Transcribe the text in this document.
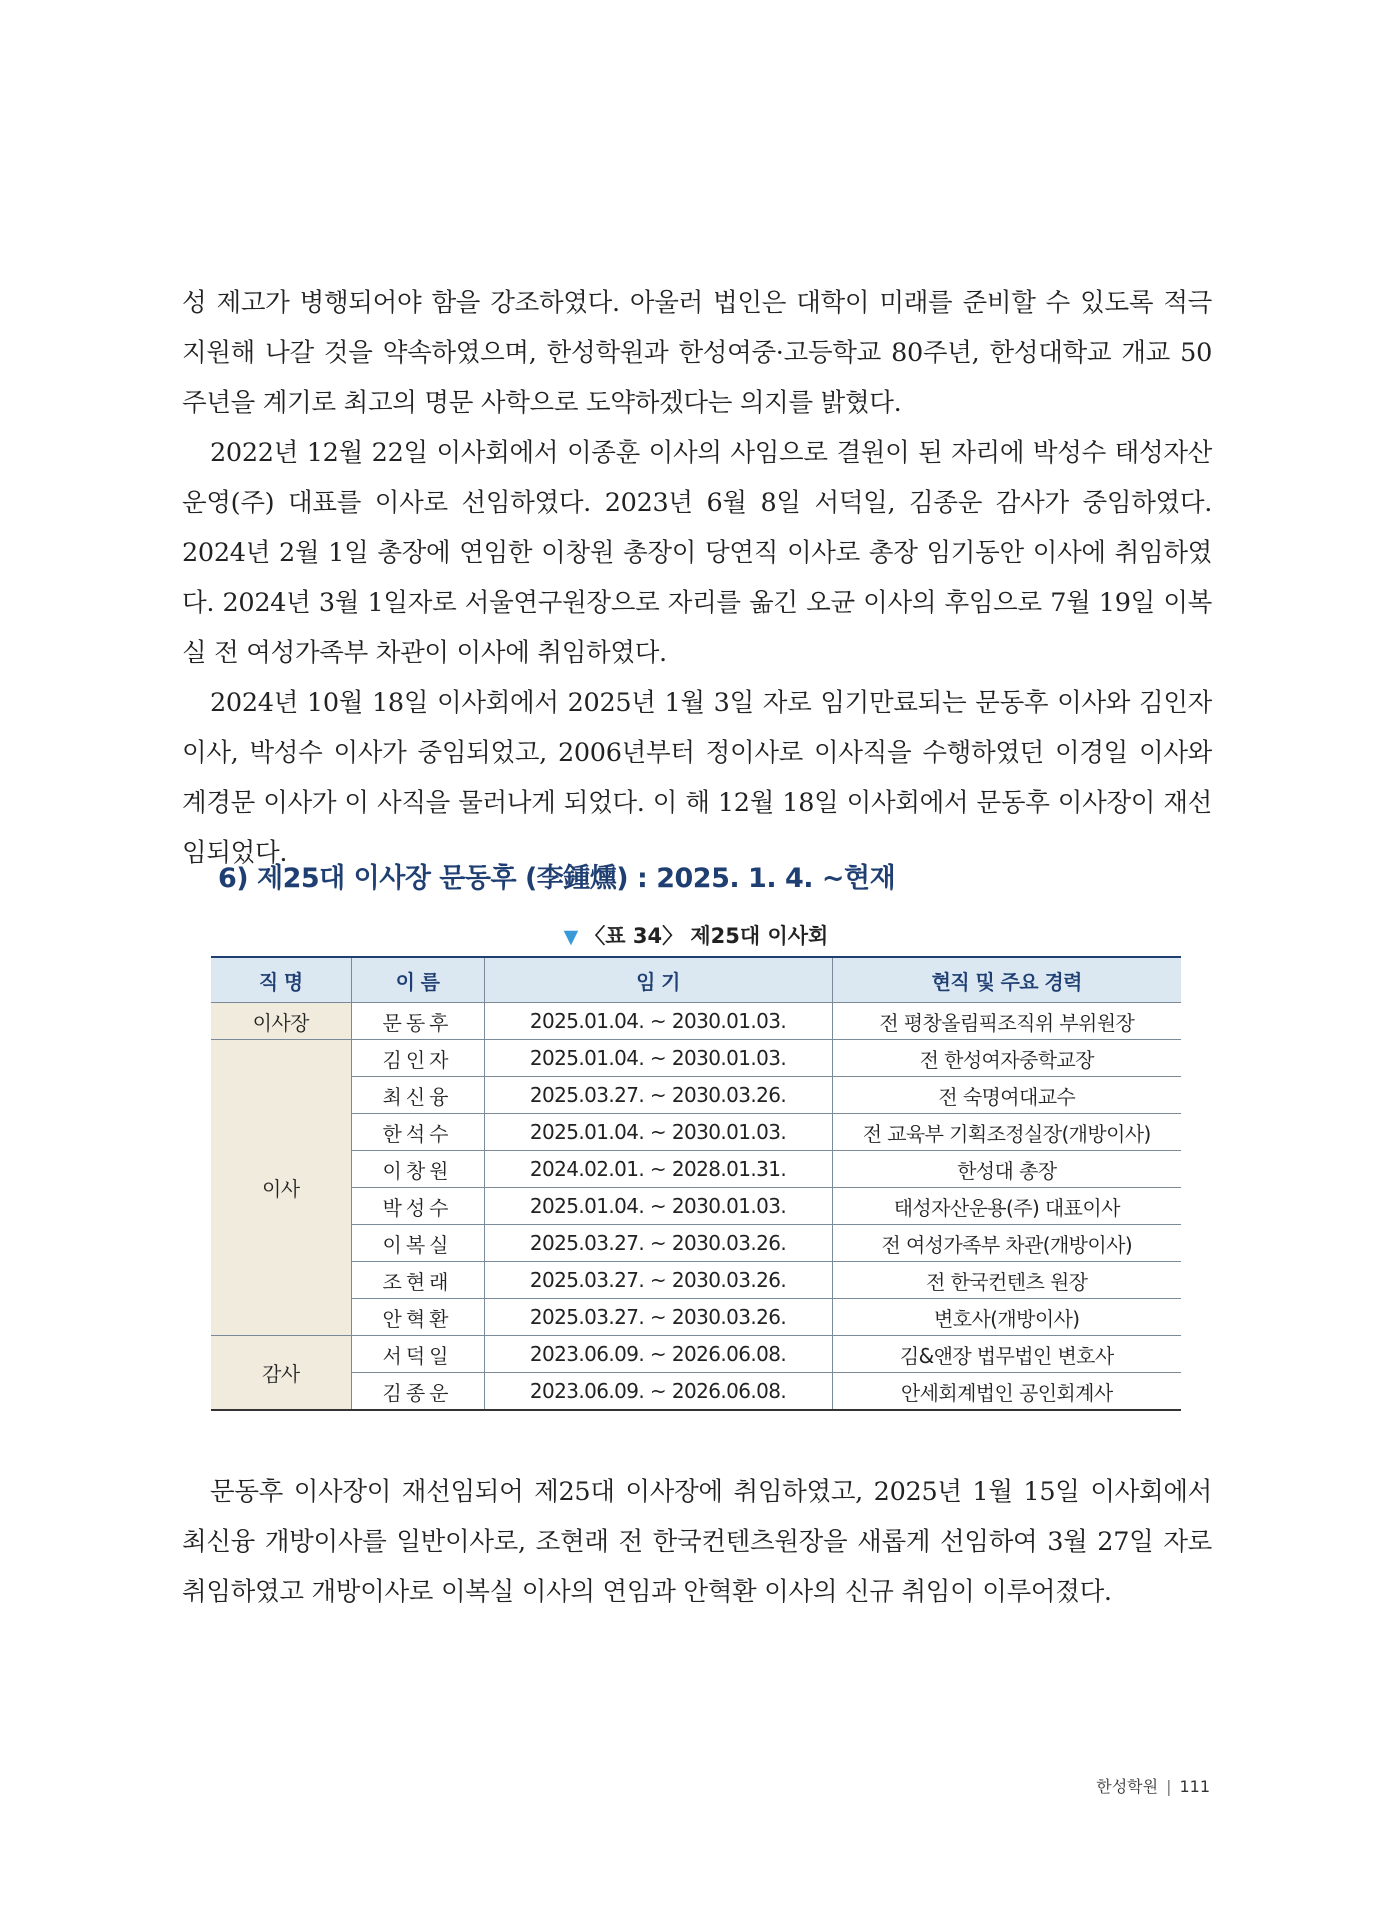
성 제고가 병행되어야 함을 강조하였다. 아울러 법인은 대학이 미래를 준비할 수 있도록 적극 지원해 나갈 것을 약속하였으며, 한성학원과 한성여중·고등학교 80주년, 한성대학교 개교 50주년을 계기로 최고의 명문 사학으로 도약하겠다는 의지를 밝혔다.

2022년 12월 22일 이사회에서 이종훈 이사의 사임으로 결원이 된 자리에 박성수 태성자산운영(주) 대표를 이사로 선임하였다. 2023년 6월 8일 서덕일, 김종운 감사가 중임하였다. 2024년 2월 1일 총장에 연임한 이창원 총장이 당연직 이사로 총장 임기동안 이사에 취임하였다. 2024년 3월 1일자로 서울연구원장으로 자리를 옮긴 오균 이사의 후임으로 7월 19일 이복실 전 여성가족부 차관이 이사에 취임하였다.

2024년 10월 18일 이사회에서 2025년 1월 3일 자로 임기만료되는 문동후 이사와 김인자 이사, 박성수 이사가 중임되었고, 2006년부터 정이사로 이사직을 수행하였던 이경일 이사와 계경문 이사가 이 사직을 물러나게 되었다. 이 해 12월 18일 이사회에서 문동후 이사장이 재선임되었다.

6) 제25대 이사장 문동후 (李鍾燻) : 2025. 1. 4. ~현재
▼ 〈표 34〉 제25대 이사회
직 명	이 름	임 기	현직 및 주요 경력
이사장	문동후	2025.01.04. ~ 2030.01.03.	전 평창올림픽조직위 부위원장
이사	김인자	2025.01.04. ~ 2030.01.03.	전 한성여자중학교장
	최신융	2025.03.27. ~ 2030.03.26.	전 숙명여대교수
	한석수	2025.01.04. ~ 2030.01.03.	전 교육부 기획조정실장(개방이사)
	이창원	2024.02.01. ~ 2028.01.31.	한성대 총장
	박성수	2025.01.04. ~ 2030.01.03.	태성자산운용(주) 대표이사
	이복실	2025.03.27. ~ 2030.03.26.	전 여성가족부 차관(개방이사)
	조현래	2025.03.27. ~ 2030.03.26.	전 한국컨텐츠 원장
	안혁환	2025.03.27. ~ 2030.03.26.	변호사(개방이사)
감사	서덕일	2023.06.09. ~ 2026.06.08.	김&앤장 법무법인 변호사
	김종운	2023.06.09. ~ 2026.06.08.	안세회계법인 공인회계사

문동후 이사장이 재선임되어 제25대 이사장에 취임하였고, 2025년 1월 15일 이사회에서 최신융 개방이사를 일반이사로, 조현래 전 한국컨텐츠원장을 새롭게 선임하여 3월 27일 자로 취임하였고 개방이사로 이복실 이사의 연임과 안혁환 이사의 신규 취임이 이루어졌다.

한성학원 | 111
